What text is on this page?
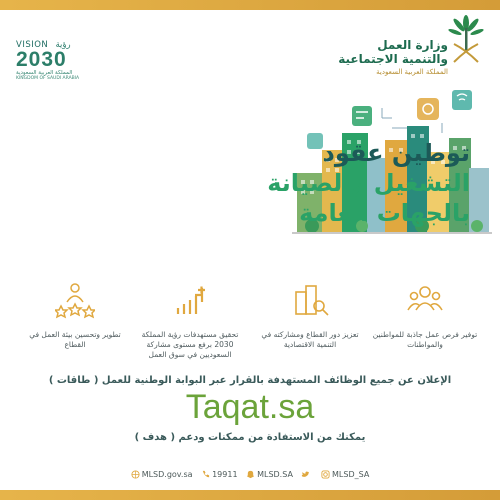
VISION رؤية
2030
المملكة العربية السعودية
KINGDOM OF SAUDI ARABIA
وزارة العمل
والتنمية الاجتماعية
المملكة العربية السعودية
توطين عقود
التشغيل والصيانة
بالجهات العامة
توفير فرص عمل جاذبة للمواطنين والمواطنات
تعزيز دور القطاع ومشاركته في التنمية الاقتصادية
تحقيق مستهدفات رؤية المملكة 2030 برفع مستوى مشاركة السعوديين في سوق العمل
تطوير وتحسين بيئة العمل في القطاع
الإعلان عن جميع الوظائف المستهدفة بالقرار عبر البوابة الوطنية للعمل ( طاقات )
Taqat.sa
يمكنك من الاستفادة من ممكنات ودعم ( هدف )
MLSD.gov.sa 19911 MLSD.SA	MLSD_SA
